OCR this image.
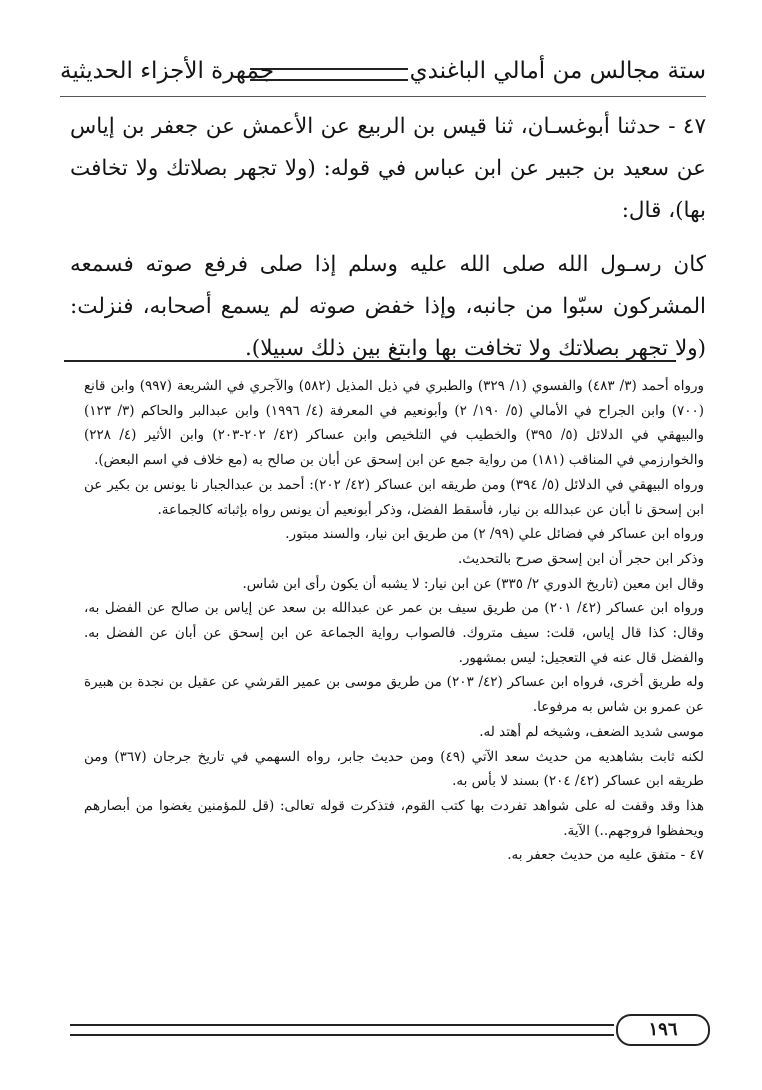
ستة مجالس من أمالي الباغندي
جمهرة الأجزاء الحديثية

٤٧ - حدثنا أبوغسـان، ثنا قيس بن الربيع عن الأعمش عن جعفر بن إياس عن سعيد بن جبير عن ابن عباس في قوله: (ولا تجهر بصلاتك ولا تخافت بها)، قال:

كان رسـول الله صلى الله عليه وسلم إذا صلى فرفع صوته فسمعه المشركون سبّوا من جانبه، وإذا خفض صوته لم يسمع أصحابه، فنزلت: (ولا تجهر بصلاتك ولا تخافت بها وابتغ بين ذلك سبيلا).

ورواه أحمد (٣/ ٤٨٣) والفسوي (١/ ٣٢٩) والطبري في ذيل المذيل (٥٨٢) والآجري في الشريعة (٩٩٧) وابن قانع (٧٠٠) وابن الجراح في الأمالي (٥/ ١٩٠/ ٢) وأبونعيم في المعرفة (٤/ ١٩٩٦) وابن عبدالبر والحاكم (٣/ ١٢٣) والبيهقي في الدلائل (٥/ ٣٩٥) والخطيب في التلخيص وابن عساكر (٤٢/ ٢٠٢-٢٠٣) وابن الأثير (٤/ ٢٢٨) والخوارزمي في المناقب (١٨١) من رواية جمع عن ابن إسحق عن أبان بن صالح به (مع خلاف في اسم البعض).

ورواه البيهقي في الدلائل (٥/ ٣٩٤) ومن طريقه ابن عساكر (٤٢/ ٢٠٢): أحمد بن عبدالجبار نا يونس بن بكير عن ابن إسحق نا أبان عن عبدالله بن نيار، فأسقط الفضل، وذكر أبونعيم أن يونس رواه بإثباته كالجماعة.

ورواه ابن عساكر في فضائل علي (٩٩/ ٢) من طريق ابن نيار، والسند مبتور.

وذكر ابن حجر أن ابن إسحق صرح بالتحديث.

وقال ابن معين (تاريخ الدوري ٢/ ٣٣٥) عن ابن نيار: لا يشبه أن يكون رأى ابن شاس.

ورواه ابن عساكر (٤٢/ ٢٠١) من طريق سيف بن عمر عن عبدالله بن سعد عن إياس بن صالح عن الفضل به، وقال: كذا قال إياس، قلت: سيف متروك. فالصواب رواية الجماعة عن ابن إسحق عن أبان عن الفضل به. والفضل قال عنه في التعجيل: ليس بمشهور.

وله طريق أخرى، فرواه ابن عساكر (٤٢/ ٢٠٣) من طريق موسى بن عمير القرشي عن عقيل بن نجدة بن هبيرة عن عمرو بن شاس به مرفوعا.

موسى شديد الضعف، وشيخه لم أهتد له.

لكنه ثابت بشاهديه من حديث سعد الآتي (٤٩) ومن حديث جابر، رواه السهمي في تاريخ جرجان (٣٦٧) ومن طريقه ابن عساكر (٤٢/ ٢٠٤) بسند لا بأس به.

هذا وقد وقفت له على شواهد تفردت بها كتب القوم، فتذكرت قوله تعالى: (قل للمؤمنين يغضوا من أبصارهم ويحفظوا فروجهم..) الآية.

٤٧ - متفق عليه من حديث جعفر به.

١٩٦
